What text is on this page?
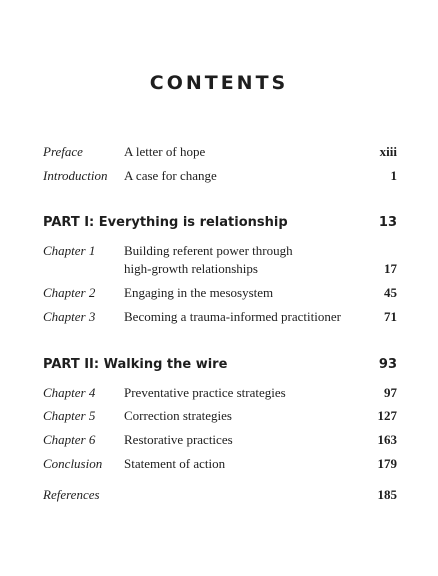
CONTENTS
Preface	A letter of hope	xiii
Introduction A case for change	1
PART I: Everything is relationship	13
Chapter 1 Building referent power through
high-growth relationships	17
Chapter 2 Engaging in the mesosystem	45
Chapter 3 Becoming a trauma-informed practitioner	71
PART II: Walking the wire	93
Chapter 4 Preventative practice strategies	97
Chapter 5 Correction strategies	127
Chapter 6 Restorative practices	163
Conclusion Statement of action	179
References	185
